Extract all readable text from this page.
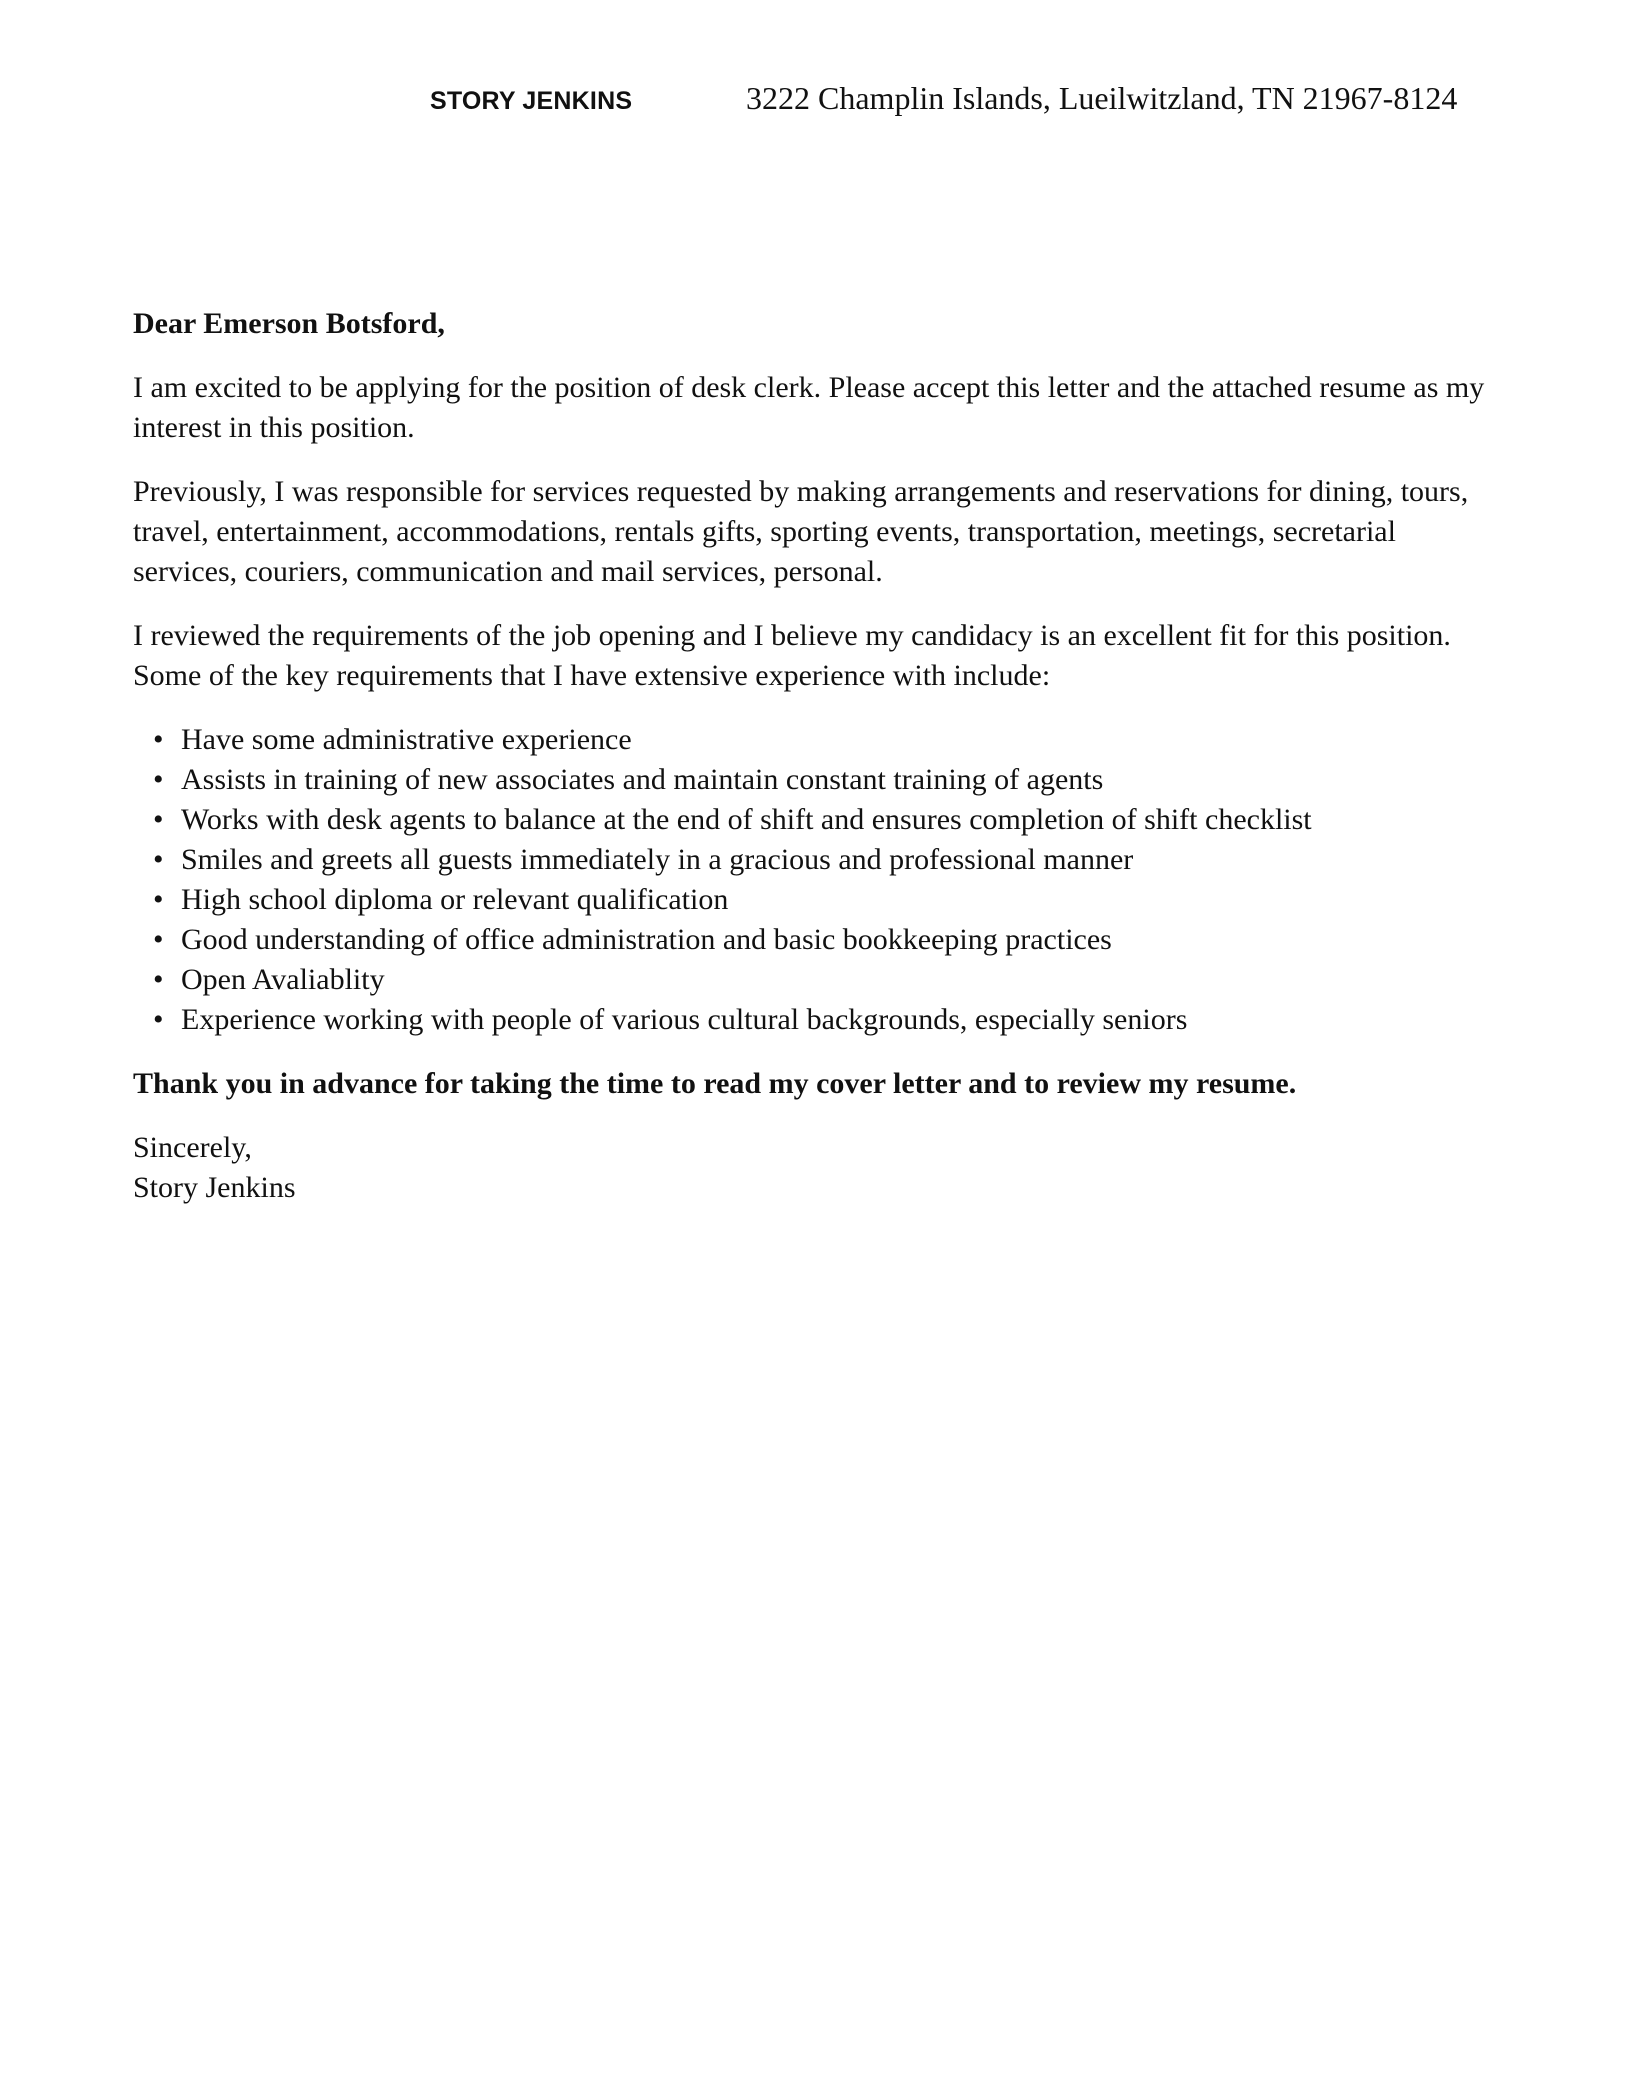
STORY JENKINS	3222 Champlin Islands, Lueilwitzland, TN 21967-8124

Dear Emerson Botsford,

I am excited to be applying for the position of desk clerk. Please accept this letter and the attached resume as my interest in this position.

Previously, I was responsible for services requested by making arrangements and reservations for dining, tours, travel, entertainment, accommodations, rentals gifts, sporting events, transportation, meetings, secretarial services, couriers, communication and mail services, personal.

I reviewed the requirements of the job opening and I believe my candidacy is an excellent fit for this position. Some of the key requirements that I have extensive experience with include:

• Have some administrative experience
• Assists in training of new associates and maintain constant training of agents
• Works with desk agents to balance at the end of shift and ensures completion of shift checklist
• Smiles and greets all guests immediately in a gracious and professional manner
• High school diploma or relevant qualification
• Good understanding of office administration and basic bookkeeping practices
• Open Avaliablity
• Experience working with people of various cultural backgrounds, especially seniors

Thank you in advance for taking the time to read my cover letter and to review my resume.

Sincerely,
Story Jenkins
